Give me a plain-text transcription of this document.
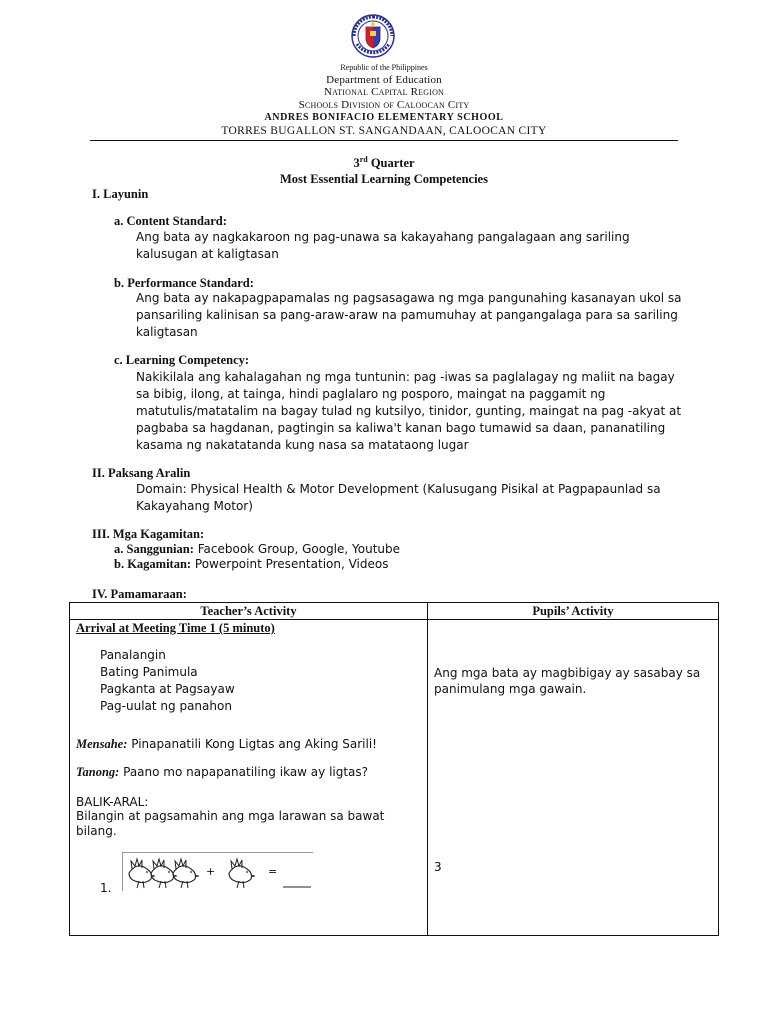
Republic of the Philippines
Department of Education
National Capital Region
Schools Division of Caloocan City
ANDRES BONIFACIO ELEMENTARY SCHOOL
TORRES BUGALLON ST. SANGANDAAN, CALOOCAN CITY
3rd Quarter
Most Essential Learning Competencies
I. Layunin
a. Content Standard:
Ang bata ay nagkakaroon ng pag-unawa sa kakayahang pangalagaan ang sariling
kalusugan at kaligtasan
b. Performance Standard:
Ang bata ay nakapagpapamalas ng pagsasagawa ng mga pangunahing kasanayan ukol sa
pansariling kalinisan sa pang-araw-araw na pamumuhay at pangangalaga para sa sariling
kaligtasan
c. Learning Competency:
Nakikilala ang kahalagahan ng mga tuntunin: pag -iwas sa paglalagay ng maliit na bagay
sa bibig, ilong, at tainga, hindi paglalaro ng posporo, maingat na paggamit ng
matutulis/matatalim na bagay tulad ng kutsilyo, tinidor, gunting, maingat na pag -akyat at
pagbaba sa hagdanan, pagtingin sa kaliwa't kanan bago tumawid sa daan, pananatiling
kasama ng nakatatanda kung nasa sa matataong lugar
II. Paksang Aralin
Domain: Physical Health & Motor Development (Kalusugang Pisikal at Pagpapaunlad sa
Kakayahang Motor)
III. Mga Kagamitan:
a. Sanggunian: Facebook Group, Google, Youtube
b. Kagamitan: Powerpoint Presentation, Videos
IV. Pamamaraan:
Teacher’s Activity	Pupils’ Activity
Arrival at Meeting Time 1 (5 minuto)
Panalangin
Bating Panimula
Pagkanta at Pagsayaw
Pag-uulat ng panahon
Mensahe: Pinapanatili Kong Ligtas ang Aking Sarili!
Tanong: Paano mo napapanatiling ikaw ay ligtas?
BALIK-ARAL:
Bilangin at pagsamahin ang mga larawan sa bawat
bilang.
1.
+	=
Ang mga bata ay magbibigay ay sasabay sa
panimulang mga gawain.
3
